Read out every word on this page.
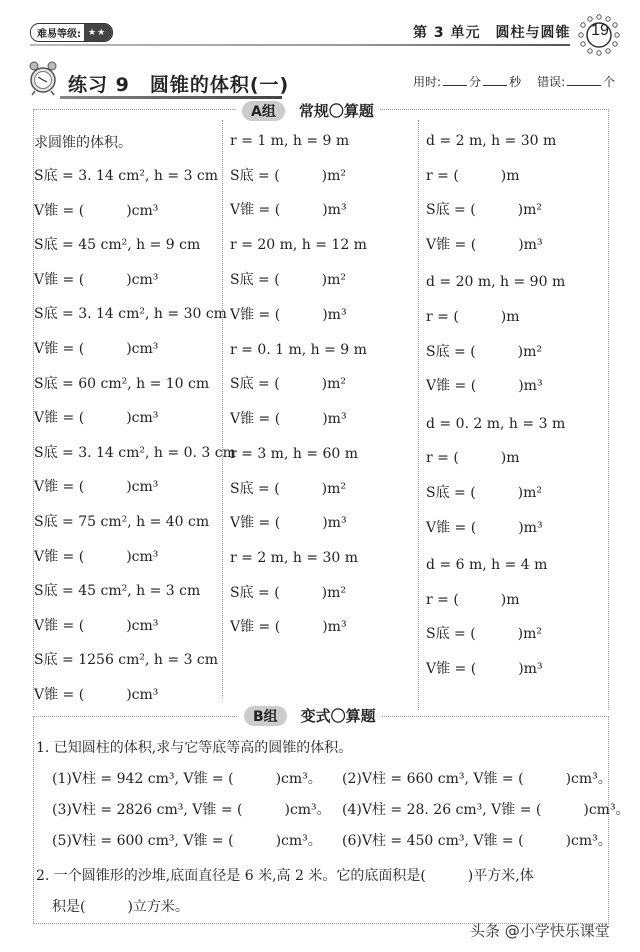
难易等级: ★★	第 3 单元　圆柱与圆锥 19
练习 9　圆锥的体积(一)	用时: 分 秒 错误:	个
A组	常规〇算题
求圆锥的体积。
S底 = 3. 14 cm², h = 3 cm
V锥 = (　　　)cm³
S底 = 45 cm², h = 9 cm
V锥 = (　　　)cm³
S底 = 3. 14 cm², h = 30 cm
V锥 = (　　　)cm³
S底 = 60 cm², h = 10 cm
V锥 = (　　　)cm³
S底 = 3. 14 cm², h = 0. 3 cm
V锥 = (　　　)cm³
S底 = 75 cm², h = 40 cm
V锥 = (　　　)cm³
S底 = 45 cm², h = 3 cm
V锥 = (　　　)cm³
S底 = 1256 cm², h = 3 cm
V锥 = (　　　)cm³
r = 1 m, h = 9 m
S底 = (　　　)m²
V锥 = (　　　)m³
r = 20 m, h = 12 m
S底 = (　　　)m²
V锥 = (　　　)m³
r = 0. 1 m, h = 9 m
S底 = (　　　)m²
V锥 = (　　　)m³
r = 3 m, h = 60 m
S底 = (　　　)m²
V锥 = (　　　)m³
r = 2 m, h = 30 m
S底 = (　　　)m²
V锥 = (　　　)m³
d = 2 m, h = 30 m
r = (　　　)m
S底 = (　　　)m²
V锥 = (　　　)m³
d = 20 m, h = 90 m
r = (　　　)m
S底 = (　　　)m²
V锥 = (　　　)m³
d = 0. 2 m, h = 3 m
r = (　　　)m
S底 = (　　　)m²
V锥 = (　　　)m³
d = 6 m, h = 4 m
r = (　　　)m
S底 = (　　　)m²
V锥 = (　　　)m³
B组	变式〇算题
1. 已知圆柱的体积,求与它等底等高的圆锥的体积。
(1)V柱 = 942 cm³, V锥 = (　　　)cm³。 (2)V柱 = 660 cm³, V锥 = (　　　)cm³。
(3)V柱 = 2826 cm³, V锥 = (　　　)cm³。 (4)V柱 = 28. 26 cm³, V锥 = (　　　)cm³。
(5)V柱 = 600 cm³, V锥 = (　　　)cm³。 (6)V柱 = 450 cm³, V锥 = (　　　)cm³。
2. 一个圆锥形的沙堆,底面直径是 6 米,高 2 米。它的底面积是(　　　)平方米,体
积是(　　　)立方米。
头条 @小学快乐课堂
